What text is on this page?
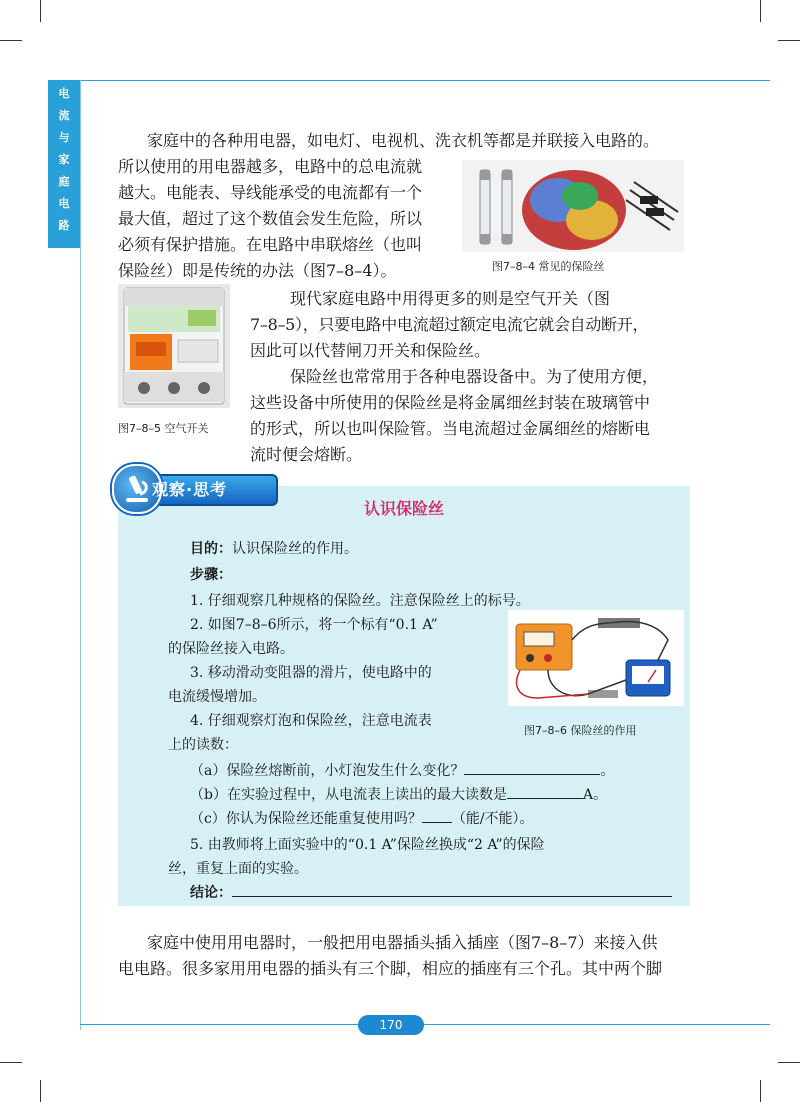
电
流
与
家
庭
电
路
家庭中的各种用电器，如电灯、电视机、洗衣机等都是并联接入电路的。
所以使用的用电器越多，电路中的总电流就
越大。电能表、导线能承受的电流都有一个
最大值，超过了这个数值会发生危险，所以
必须有保护措施。在电路中串联熔丝（也叫
保险丝）即是传统的办法（图7–8–4）。	图7–8–4 常见的保险丝
图7–8–5 空气开关
现代家庭电路中用得更多的则是空气开关（图
7–8–5），只要电路中电流超过额定电流它就会自动断开，
因此可以代替闸刀开关和保险丝。
保险丝也常常用于各种电器设备中。为了使用方便，
这些设备中所使用的保险丝是将金属细丝封装在玻璃管中
的形式，所以也叫保险管。当电流超过金属细丝的熔断电
流时便会熔断。
认识保险丝
目的：认识保险丝的作用。
步骤：
1. 仔细观察几种规格的保险丝。注意保险丝上的标号。
2. 如图7–8–6所示，将一个标有“0.1 A”
的保险丝接入电路。
3. 移动滑动变阻器的滑片，使电路中的
电流缓慢增加。
4. 仔细观察灯泡和保险丝，注意电流表
上的读数：
（a）保险丝熔断前，小灯泡发生什么变化？	。
（b）在实验过程中，从电流表上读出的最大读数是	A。
（c）你认为保险丝还能重复使用吗？ （能/不能）。
5. 由教师将上面实验中的“0.1 A”保险丝换成“2 A”的保险
丝，重复上面的实验。
结论：
图7–8–6 保险丝的作用
观察·思考
家庭中使用用电器时，一般把用电器插头插入插座（图7–8–7）来接入供
电电路。很多家用用电器的插头有三个脚，相应的插座有三个孔。其中两个脚
170
